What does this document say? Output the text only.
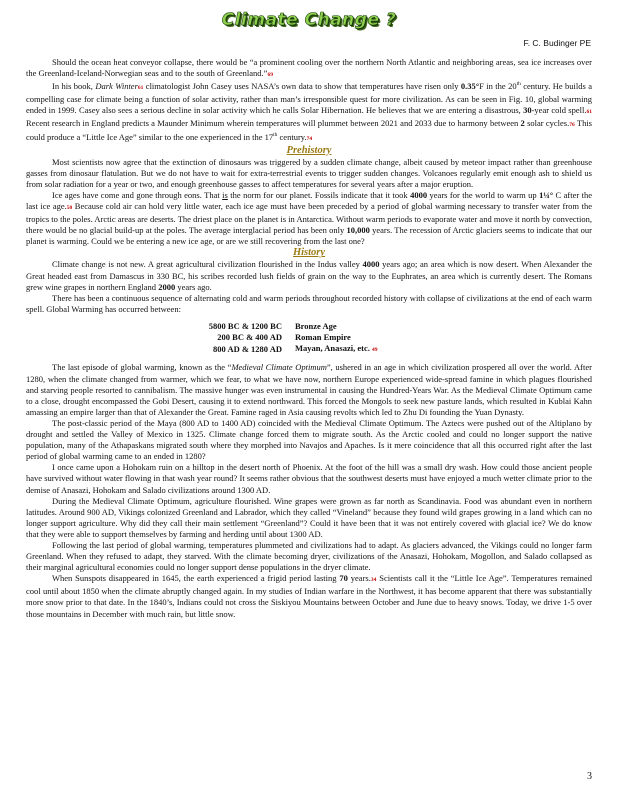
Climate Change ?
F. C. Budinger PE

Should the ocean heat conveyor collapse, there would be “a prominent cooling over the northern North Atlantic and neighboring areas, sea ice increases over the Greenland-Iceland-Norwegian seas and to the south of Greenland.”69

In his book, Dark Winter61 climatologist John Casey uses NASA’s own data to show that temperatures have risen only 0.35°F in the 20th century. He builds a compelling case for climate being a function of solar activity, rather than man’s irresponsible quest for more civilization. As can be seen in Fig. 10, global warming ended in 1999. Casey also sees a serious decline in solar activity which he calls Solar Hibernation. He believes that we are entering a disastrous, 30-year cold spell.61 Recent research in England predicts a Maunder Minimum wherein temperatures will plummet between 2021 and 2033 due to harmony between 2 solar cycles.76 This could produce a “Little Ice Age” similar to the one experienced in the 17th century.74

Prehistory

Most scientists now agree that the extinction of dinosaurs was triggered by a sudden climate change, albeit caused by meteor impact rather than greenhouse gasses from dinosaur flatulation. But we do not have to wait for extra-terrestrial events to trigger sudden changes. Volcanoes regularly emit enough ash to shield us from solar radiation for a year or two, and enough greenhouse gasses to affect temperatures for several years after a major eruption.

Ice ages have come and gone through eons. That is the norm for our planet. Fossils indicate that it took 4000 years for the world to warm up 1¼° C after the last ice age.50 Because cold air can hold very little water, each ice age must have been preceded by a period of global warming necessary to transfer water from the tropics to the poles. Arctic areas are deserts. The driest place on the planet is in Antarctica. Without warm periods to evaporate water and move it north by convection, there would be no glacial build-up at the poles. The average interglacial period has been only 10,000 years. The recession of Arctic glaciers seems to indicate that our planet is warming. Could we be entering a new ice age, or are we still recovering from the last one?

History

Climate change is not new. A great agricultural civilization flourished in the Indus valley 4000 years ago; an area which is now desert. When Alexander the Great headed east from Damascus in 330 BC, his scribes recorded lush fields of grain on the way to the Euphrates, an area which is currently desert. The Romans grew wine grapes in northern England 2000 years ago.

There has been a continuous sequence of alternating cold and warm periods throughout recorded history with collapse of civilizations at the end of each warm spell. Global Warming has occurred between:

5800 BC & 1200 BC	Bronze Age
200 BC & 400 AD	Roman Empire
800 AD & 1280 AD	Mayan, Anasazi, etc. 49

The last episode of global warming, known as the “Medieval Climate Optimum”, ushered in an age in which civilization prospered all over the world. After 1280, when the climate changed from warmer, which we fear, to what we have now, northern Europe experienced wide-spread famine in which plagues flourished and starving people resorted to cannibalism. The massive hunger was even instrumental in causing the Hundred-Years War. As the Medieval Climate Optimum came to a close, drought encompassed the Gobi Desert, causing it to extend northward. This forced the Mongols to seek new pasture lands, which resulted in Kublai Kahn amassing an empire larger than that of Alexander the Great. Famine raged in Asia causing revolts which led to Zhu Di founding the Yuan Dynasty.

The post-classic period of the Maya (800 AD to 1400 AD) coincided with the Medieval Climate Optimum. The Aztecs were pushed out of the Altiplano by drought and settled the Valley of Mexico in 1325. Climate change forced them to migrate south. As the Arctic cooled and could no longer support the native population, many of the Athapaskans migrated south where they morphed into Navajos and Apaches. Is it mere coincidence that all this occurred right after the last period of global warming came to an ended in 1280?

I once came upon a Hohokam ruin on a hilltop in the desert north of Phoenix. At the foot of the hill was a small dry wash. How could those ancient people have survived without water flowing in that wash year round? It seems rather obvious that the southwest deserts must have enjoyed a much wetter climate prior to the demise of Anasazi, Hohokam and Salado civilizations around 1300 AD.

During the Medieval Climate Optimum, agriculture flourished. Wine grapes were grown as far north as Scandinavia. Food was abundant even in northern latitudes. Around 900 AD, Vikings colonized Greenland and Labrador, which they called “Vineland” because they found wild grapes growing in a land which can no longer support agriculture. Why did they call their main settlement “Greenland”? Could it have been that it was not entirely covered with glacial ice? We do know that they were able to support themselves by farming and herding until about 1300 AD.

Following the last period of global warming, temperatures plummeted and civilizations had to adapt. As glaciers advanced, the Vikings could no longer farm Greenland. When they refused to adapt, they starved. With the climate becoming dryer, civilizations of the Anasazi, Hohokam, Mogollon, and Salado collapsed as their marginal agricultural economies could no longer support dense populations in the dryer climate.

When Sunspots disappeared in 1645, the earth experienced a frigid period lasting 70 years.34 Scientists call it the “Little Ice Age”. Temperatures remained cool until about 1850 when the climate abruptly changed again. In my studies of Indian warfare in the Northwest, it has become apparent that there was substantially more snow prior to that date. In the 1840’s, Indians could not cross the Siskiyou Mountains between October and June due to heavy snows. Today, we drive 1-5 over those mountains in December with much rain, but little snow.

3
